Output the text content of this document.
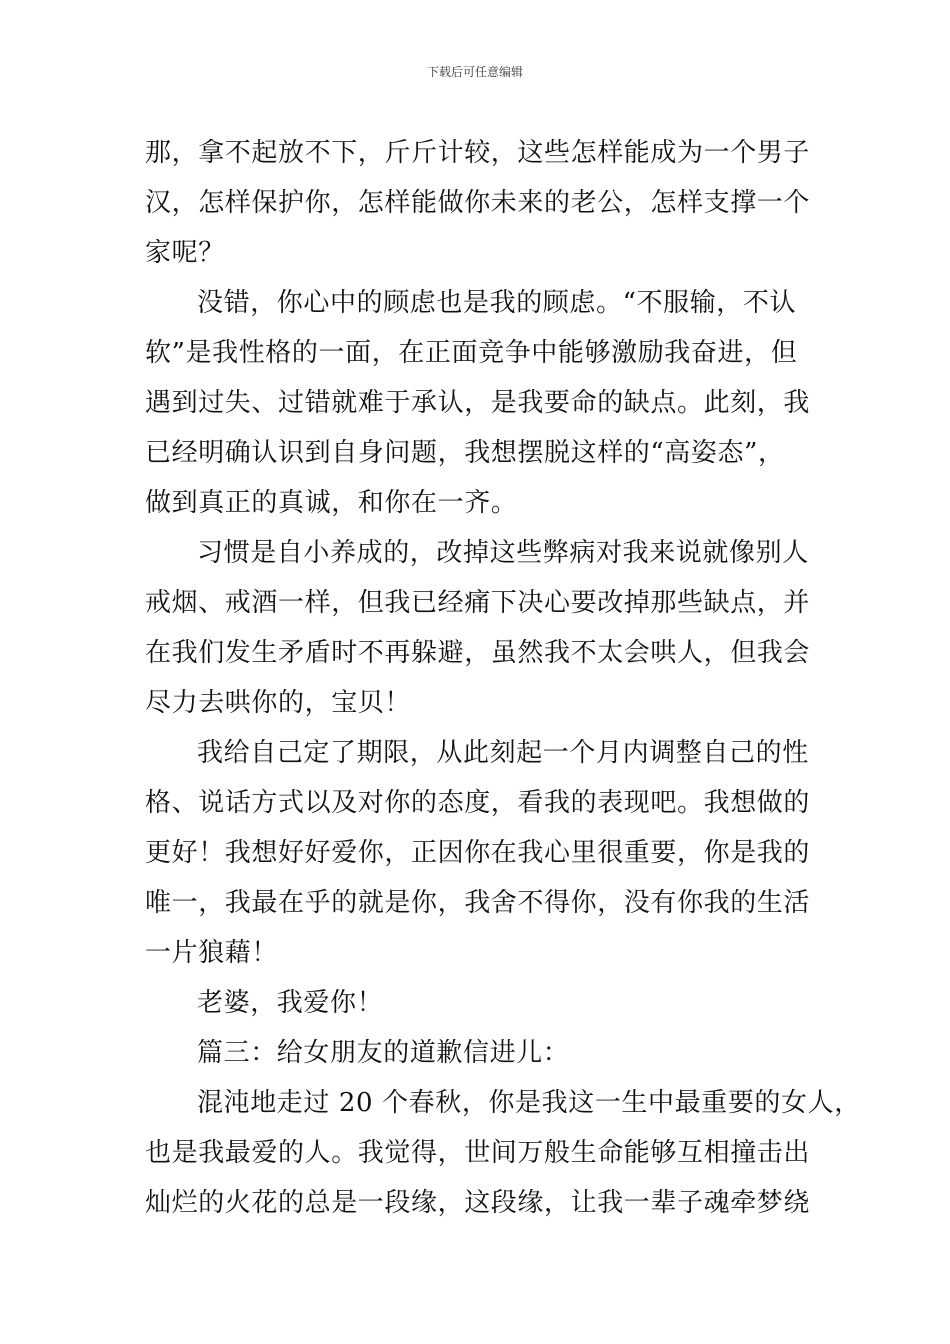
下载后可任意编辑

那，拿不起放不下，斤斤计较，这些怎样能成为一个男子
汉，怎样保护你，怎样能做你未来的老公，怎样支撑一个
家呢？

没错，你心中的顾虑也是我的顾虑。“不服输，不认
软”是我性格的一面，在正面竞争中能够激励我奋进，但
遇到过失、过错就难于承认，是我要命的缺点。此刻，我
已经明确认识到自身问题，我想摆脱这样的“高姿态”，
做到真正的真诚，和你在一齐。

习惯是自小养成的，改掉这些弊病对我来说就像别人
戒烟、戒酒一样，但我已经痛下决心要改掉那些缺点，并
在我们发生矛盾时不再躲避，虽然我不太会哄人，但我会
尽力去哄你的，宝贝！

我给自己定了期限，从此刻起一个月内调整自己的性
格、说话方式以及对你的态度，看我的表现吧。我想做的
更好！我想好好爱你，正因你在我心里很重要，你是我的
唯一，我最在乎的就是你，我舍不得你，没有你我的生活
一片狼藉！

老婆，我爱你！

篇三：给女朋友的道歉信进儿：

混沌地走过 20 个春秋，你是我这一生中最重要的女人，
也是我最爱的人。我觉得，世间万般生命能够互相撞击出
灿烂的火花的总是一段缘，这段缘，让我一辈子魂牵梦绕
